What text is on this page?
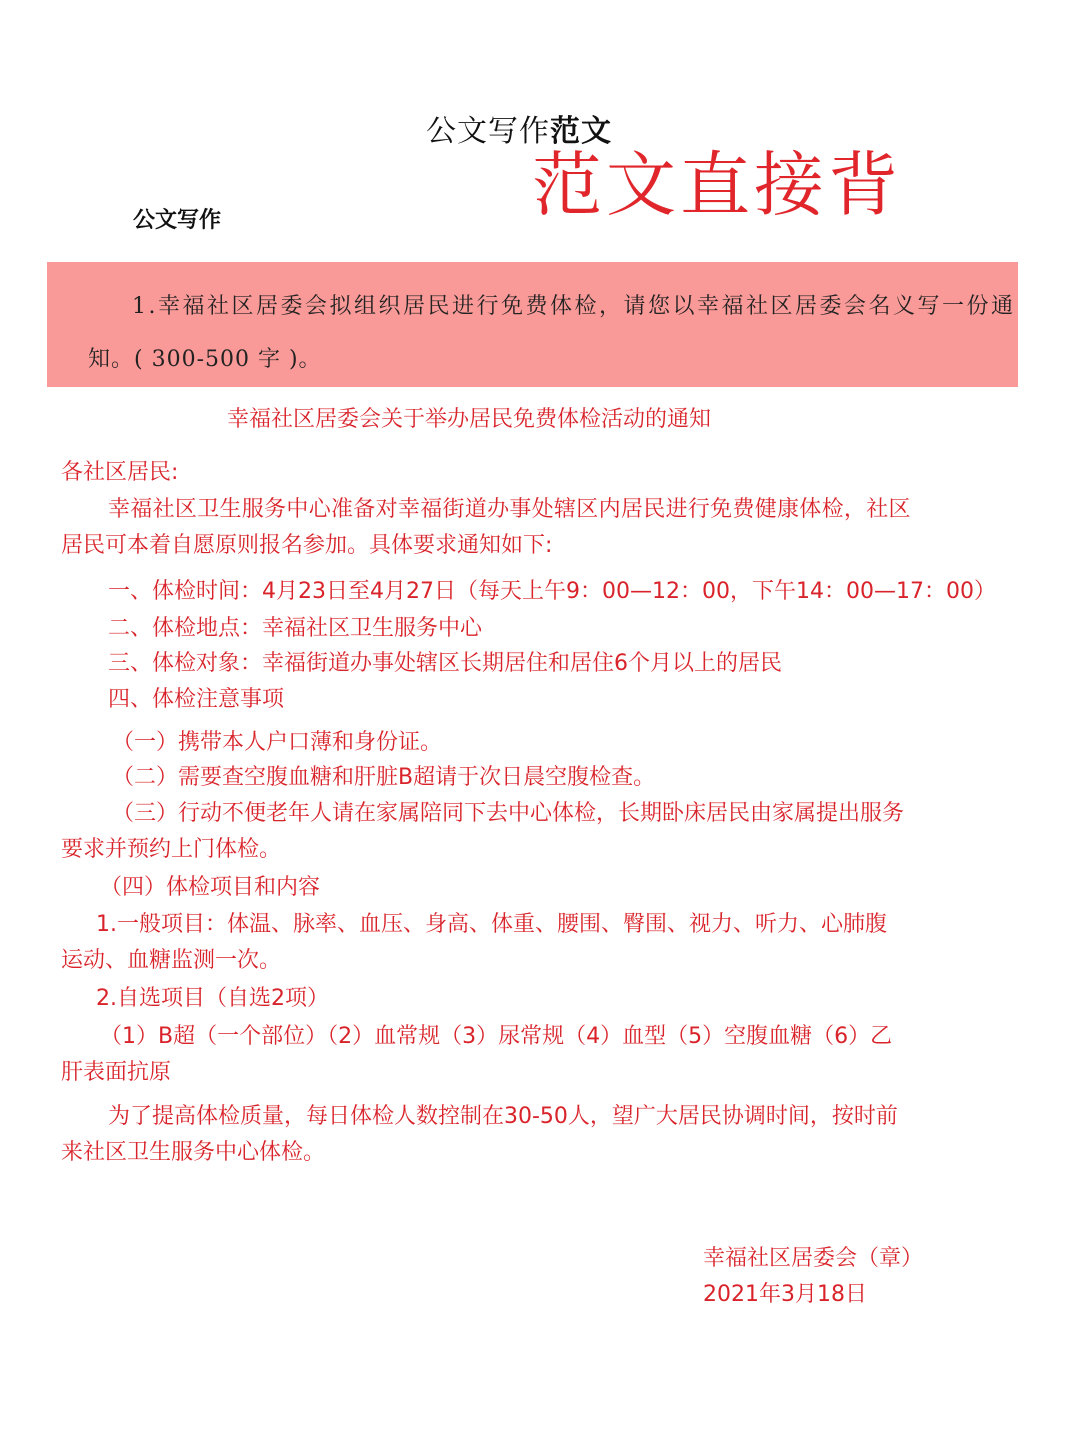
公文写作范文
公文写作	范文直接背
1.幸福社区居委会拟组织居民进行免费体检，请您以幸福社区居委会名义写一份通
知。( 300-500 字 )。
幸福社区居委会关于举办居民免费体检活动的通知
各社区居民:
幸福社区卫生服务中心准备对幸福街道办事处辖区内居民进行免费健康体检，社区
居民可本着自愿原则报名参加。具体要求通知如下:
一、体检时间：4月23日至4月27日（每天上午9：00—12：00，下午14：00—17：00）
二、体检地点：幸福社区卫生服务中心
三、体检对象：幸福街道办事处辖区长期居住和居住6个月以上的居民
四、体检注意事项
（一）携带本人户口薄和身份证。
（二）需要查空腹血糖和肝脏B超请于次日晨空腹检查。
（三）行动不便老年人请在家属陪同下去中心体检，长期卧床居民由家属提出服务
要求并预约上门体检。
（四）体检项目和内容
1.一般项目：体温、脉率、血压、身高、体重、腰围、臀围、视力、听力、心肺腹
运动、血糖监测一次。
2.自选项目（自选2项）
（1）B超（一个部位）（2）血常规（3）尿常规（4）血型（5）空腹血糖（6）乙
肝表面抗原
为了提高体检质量，每日体检人数控制在30-50人，望广大居民协调时间，按时前
来社区卫生服务中心体检。
幸福社区居委会（章）
2021年3月18日
